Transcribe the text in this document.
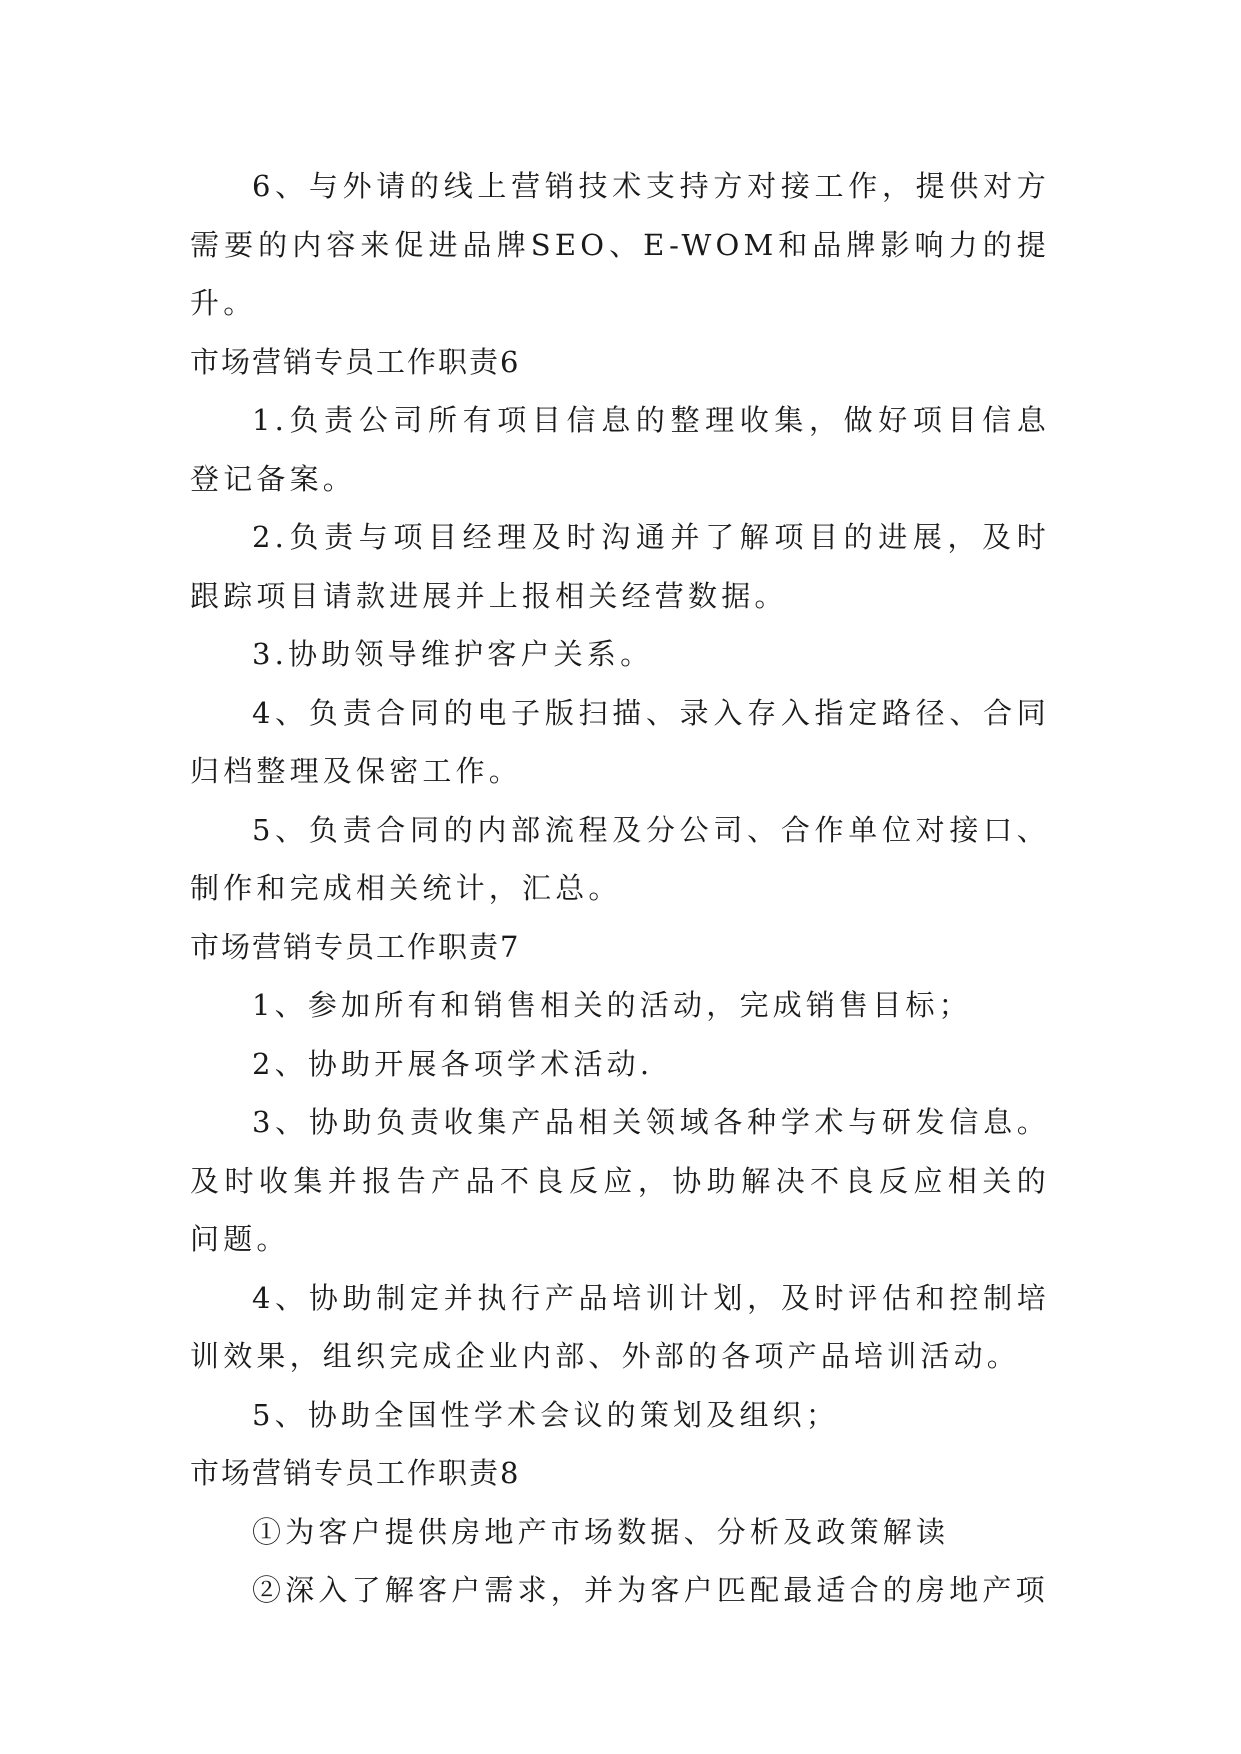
6、与外请的线上营销技术支持方对接工作，提供对方需要的内容来促进品牌SEO、E-WOM和品牌影响力的提升。

市场营销专员工作职责6

1.负责公司所有项目信息的整理收集，做好项目信息登记备案。

2.负责与项目经理及时沟通并了解项目的进展，及时跟踪项目请款进展并上报相关经营数据。

3.协助领导维护客户关系。

4、负责合同的电子版扫描、录入存入指定路径、合同归档整理及保密工作。

5、负责合同的内部流程及分公司、合作单位对接口、制作和完成相关统计，汇总。

市场营销专员工作职责7

1、参加所有和销售相关的活动，完成销售目标；

2、协助开展各项学术活动.

3、协助负责收集产品相关领域各种学术与研发信息。及时收集并报告产品不良反应，协助解决不良反应相关的问题。

4、协助制定并执行产品培训计划，及时评估和控制培训效果，组织完成企业内部、外部的各项产品培训活动。

5、协助全国性学术会议的策划及组织；

市场营销专员工作职责8

①为客户提供房地产市场数据、分析及政策解读

②深入了解客户需求，并为客户匹配最适合的房地产项
